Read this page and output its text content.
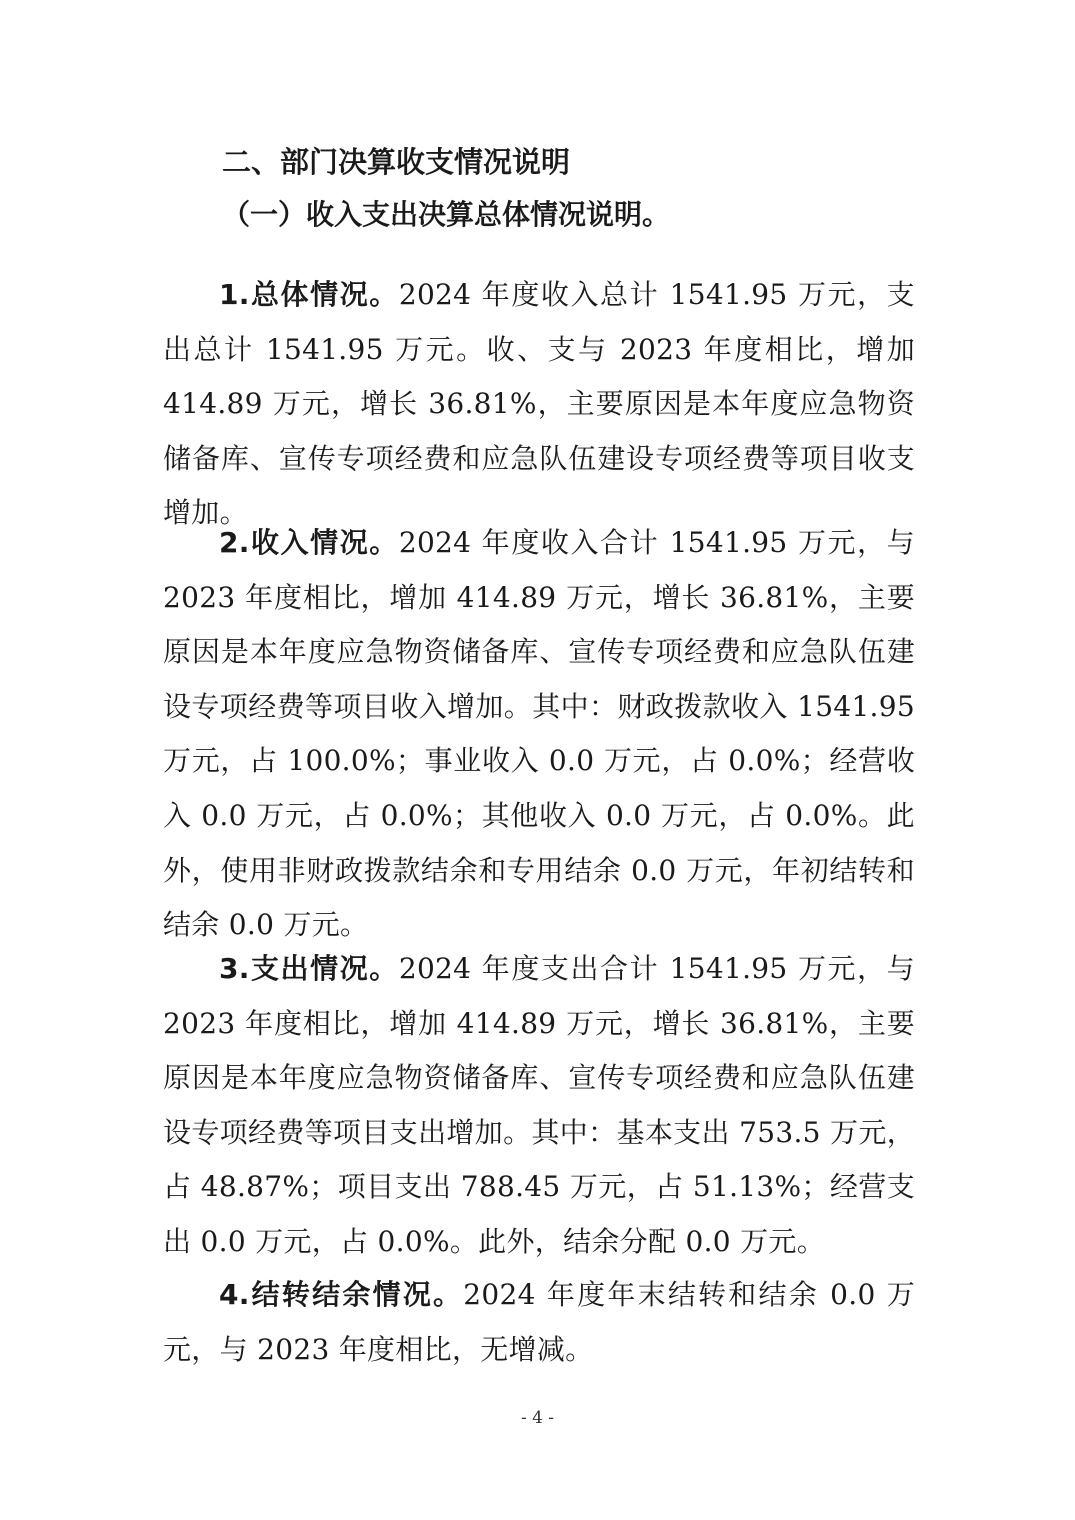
二、部门决算收支情况说明
（一）收入支出决算总体情况说明。

1.总体情况。2024 年度收入总计 1541.95 万元，支出总计 1541.95 万元。收、支与 2023 年度相比，增加 414.89 万元，增长 36.81%，主要原因是本年度应急物资储备库、宣传专项经费和应急队伍建设专项经费等项目收支增加。

2.收入情况。2024 年度收入合计 1541.95 万元，与 2023 年度相比，增加 414.89 万元，增长 36.81%，主要原因是本年度应急物资储备库、宣传专项经费和应急队伍建设专项经费等项目收入增加。其中：财政拨款收入 1541.95 万元，占 100.0%；事业收入 0.0 万元，占 0.0%；经营收入 0.0 万元，占 0.0%；其他收入 0.0 万元，占 0.0%。此外，使用非财政拨款结余和专用结余 0.0 万元，年初结转和结余 0.0 万元。

3.支出情况。2024 年度支出合计 1541.95 万元，与 2023 年度相比，增加 414.89 万元，增长 36.81%，主要原因是本年度应急物资储备库、宣传专项经费和应急队伍建设专项经费等项目支出增加。其中：基本支出 753.5 万元，占 48.87%；项目支出 788.45 万元，占 51.13%；经营支出 0.0 万元，占 0.0%。此外，结余分配 0.0 万元。

4.结转结余情况。2024 年度年末结转和结余 0.0 万元，与 2023 年度相比，无增减。

- 4 -
